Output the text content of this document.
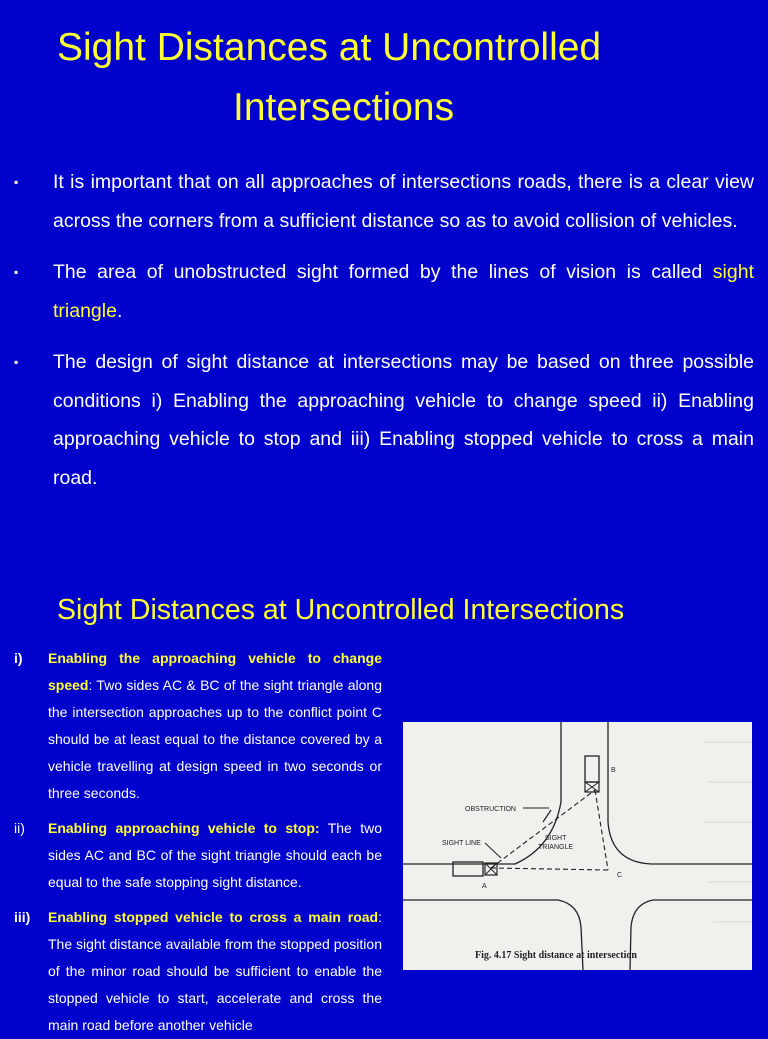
Sight Distances at Uncontrolled
Intersections
▪ It is important that on all approaches of intersections roads, there is a clear view across the corners from a sufficient distance so as to avoid collision of vehicles.
▪ The area of unobstructed sight formed by the lines of vision is called sight triangle.
▪ The design of sight distance at intersections may be based on three possible conditions i) Enabling the approaching vehicle to change speed ii) Enabling approaching vehicle to stop and iii) Enabling stopped vehicle to cross a main road.
Sight Distances at Uncontrolled Intersections
i) Enabling the approaching vehicle to change speed: Two sides AC & BC of the sight triangle along the intersection approaches up to the conflict point C should be at least equal to the distance covered by a vehicle travelling at design speed in two seconds or three seconds.
ii) Enabling approaching vehicle to stop: The two sides AC and BC of the sight triangle should each be equal to the safe stopping sight distance.
iii) Enabling stopped vehicle to cross a main road: The sight distance available from the stopped position of the minor road should be sufficient to enable the stopped vehicle to start, accelerate and cross the main road before another vehicle
OBSTRUCTION
SIGHT LINE
SIGHT
TRIANGLE
A
B
C
Fig. 4.17 Sight distance at intersection
